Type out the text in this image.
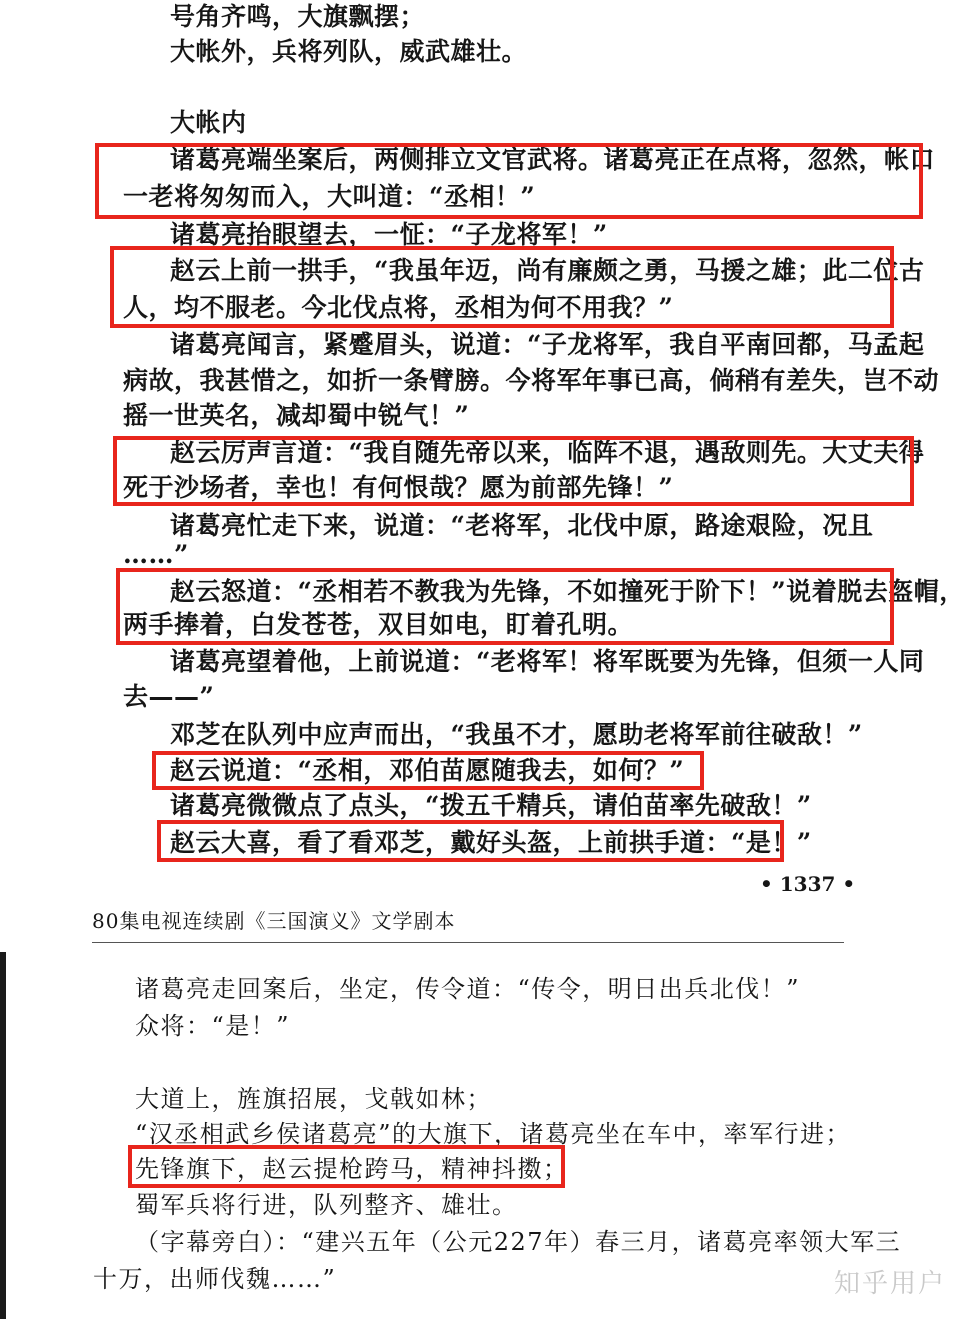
号角齐鸣，大旗飘摆；
大帐外，兵将列队，威武雄壮。
大帐内
诸葛亮端坐案后，两侧排立文官武将。诸葛亮正在点将，忽然，帐口
一老将匆匆而入，大叫道：“丞相！”
诸葛亮抬眼望去，一怔：“子龙将军！”
赵云上前一拱手，“我虽年迈，尚有廉颇之勇，马援之雄；此二位古
人，均不服老。今北伐点将，丞相为何不用我？”
诸葛亮闻言，紧蹙眉头，说道：“子龙将军，我自平南回都，马孟起
病故，我甚惜之，如折一条臂膀。今将军年事已高，倘稍有差失，岂不动
摇一世英名，减却蜀中锐气！”
赵云厉声言道：“我自随先帝以来，临阵不退，遇敌则先。大丈夫得
死于沙场者，幸也！有何恨哉？愿为前部先锋！”
诸葛亮忙走下来，说道：“老将军，北伐中原，路途艰险，况且
……”
赵云怒道：“丞相若不教我为先锋，不如撞死于阶下！”说着脱去盔帽，
两手捧着，白发苍苍，双目如电，盯着孔明。
诸葛亮望着他，上前说道：“老将军！将军既要为先锋，但须一人同
去——”
邓芝在队列中应声而出，“我虽不才，愿助老将军前往破敌！”
赵云说道：“丞相，邓伯苗愿随我去，如何？”
诸葛亮微微点了点头，“拨五千精兵，请伯苗率先破敌！”
赵云大喜，看了看邓芝，戴好头盔，上前拱手道：“是！”
• 1337 •
80集电视连续剧《三国演义》文学剧本
诸葛亮走回案后，坐定，传令道：“传令，明日出兵北伐！”
众将：“是！”
大道上，旌旗招展，戈戟如林；
“汉丞相武乡侯诸葛亮”的大旗下，诸葛亮坐在车中，率军行进；
先锋旗下，赵云提枪跨马，精神抖擞；
蜀军兵将行进，队列整齐、雄壮。
（字幕旁白）：“建兴五年（公元227年）春三月，诸葛亮率领大军三
十万，出师伐魏……”	知乎用户
